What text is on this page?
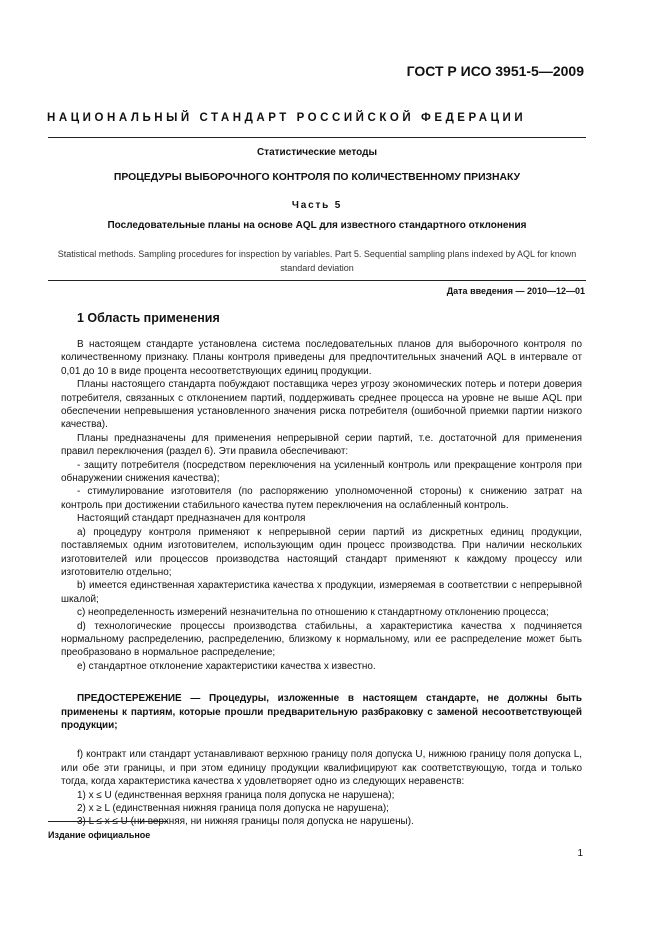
ГОСТ Р ИСО 3951-5—2009
НАЦИОНАЛЬНЫЙ СТАНДАРТ РОССИЙСКОЙ ФЕДЕРАЦИИ
Статистические методы
ПРОЦЕДУРЫ ВЫБОРОЧНОГО КОНТРОЛЯ ПО КОЛИЧЕСТВЕННОМУ ПРИЗНАКУ
Часть 5
Последовательные планы на основе AQL для известного стандартного отклонения
Statistical methods. Sampling procedures for inspection by variables. Part 5. Sequential sampling plans indexed by AQL for known standard deviation
Дата введения — 2010—12—01
1 Область применения

В настоящем стандарте установлена система последовательных планов для выборочного контроля по количественному признаку. Планы контроля приведены для предпочтительных значений AQL в интервале от 0,01 до 10 в виде процента несоответствующих единиц продукции.

Планы настоящего стандарта побуждают поставщика через угрозу экономических потерь и потери доверия потребителя, связанных с отклонением партий, поддерживать среднее процесса на уровне не выше AQL при обеспечении непревышения установленного значения риска потребителя (ошибочной приемки партии низкого качества).

Планы предназначены для применения непрерывной серии партий, т.е. достаточной для применения правил переключения (раздел 6). Эти правила обеспечивают:

- защиту потребителя (посредством переключения на усиленный контроль или прекращение контроля при обнаружении снижения качества);

- стимулирование изготовителя (по распоряжению уполномоченной стороны) к снижению затрат на контроль при достижении стабильного качества путем переключения на ослабленный контроль.

Настоящий стандарт предназначен для контроля

a) процедуру контроля применяют к непрерывной серии партий из дискретных единиц продукции, поставляемых одним изготовителем, использующим один процесс производства. При наличии нескольких изготовителей или процессов производства настоящий стандарт применяют к каждому процессу или изготовителю отдельно;

b) имеется единственная характеристика качества x продукции, измеряемая в соответствии с непрерывной шкалой;

c) неопределенность измерений незначительна по отношению к стандартному отклонению процесса;

d) технологические процессы производства стабильны, а характеристика качества x подчиняется нормальному распределению, распределению, близкому к нормальному, или ее распределение может быть преобразовано в нормальное распределение;

e) стандартное отклонение характеристики качества x известно.

ПРЕДОСТЕРЕЖЕНИЕ — Процедуры, изложенные в настоящем стандарте, не должны быть применены к партиям, которые прошли предварительную разбраковку с заменой несоответствующей продукции;

f) контракт или стандарт устанавливают верхнюю границу поля допуска U, нижнюю границу поля допуска L, или обе эти границы, и при этом единицу продукции квалифицируют как соответствующую, тогда и только тогда, когда характеристика качества x удовлетворяет одно из следующих неравенств:

1) x ≤ U (единственная верхняя граница поля допуска не нарушена);

2) x ≥ L (единственная нижняя граница поля допуска не нарушена);

3) L ≤ x ≤ U (ни верхняя, ни нижняя границы поля допуска не нарушены).

Издание официальное
1
